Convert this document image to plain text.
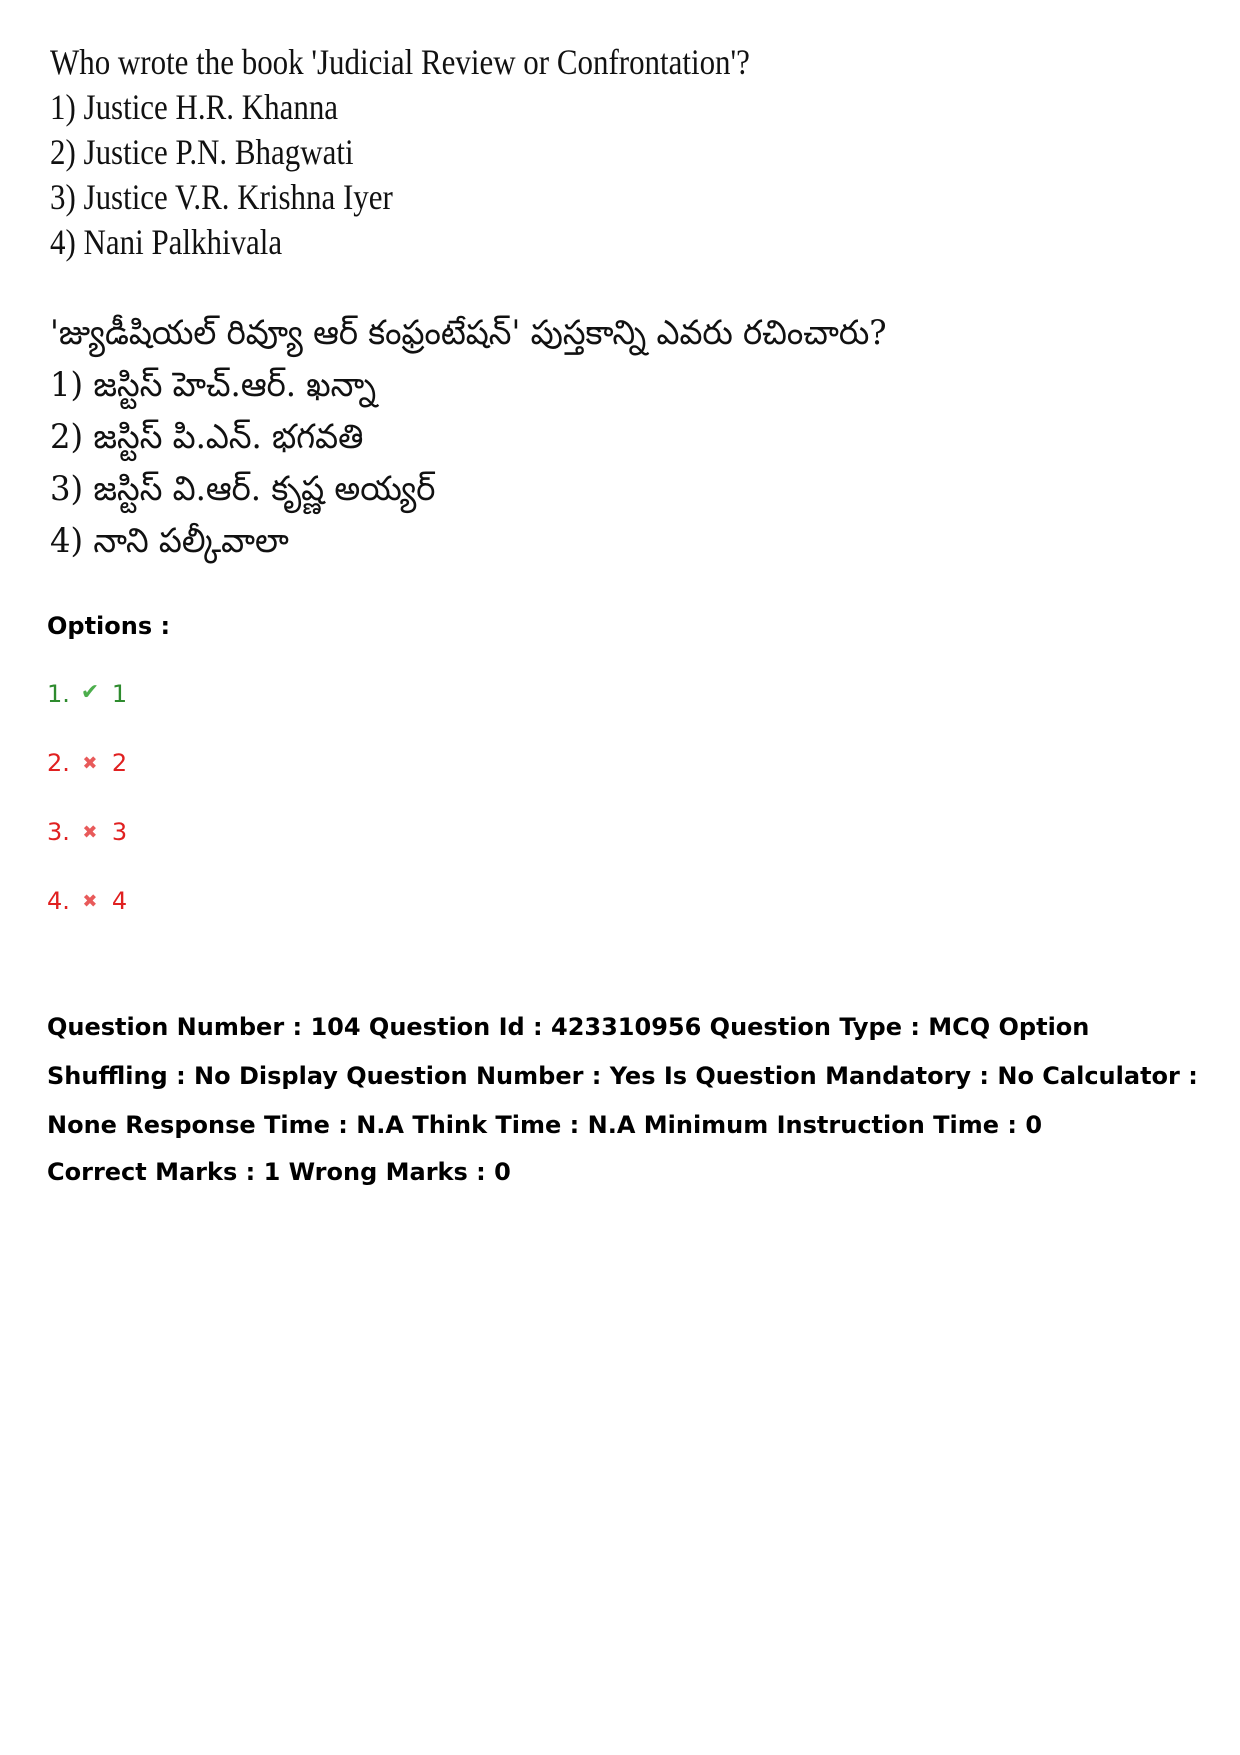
Who wrote the book 'Judicial Review or Confrontation'?
1) Justice H.R. Khanna
2) Justice P.N. Bhagwati
3) Justice V.R. Krishna Iyer
4) Nani Palkhivala
'జ్యుడీషియల్ రివ్యూ ఆర్ కంఫ్రంటేషన్' పుస్తకాన్ని ఎవరు రచించారు?
1) జస్టిస్ హెచ్.ఆర్. ఖన్నా
2) జస్టిస్ పి.ఎన్. భగవతి
3) జస్టిస్ వి.ఆర్. కృష్ణ అయ్యర్
4) నాని పల్కీవాలా
Options :
1. ✔ 1
2. ✖ 2
3. ✖ 3
4. ✖ 4
Question Number : 104 Question Id : 423310956 Question Type : MCQ Option Shuffling : No Display Question Number : Yes Is Question Mandatory : No Calculator : None Response Time : N.A Think Time : N.A Minimum Instruction Time : 0
Correct Marks : 1 Wrong Marks : 0
